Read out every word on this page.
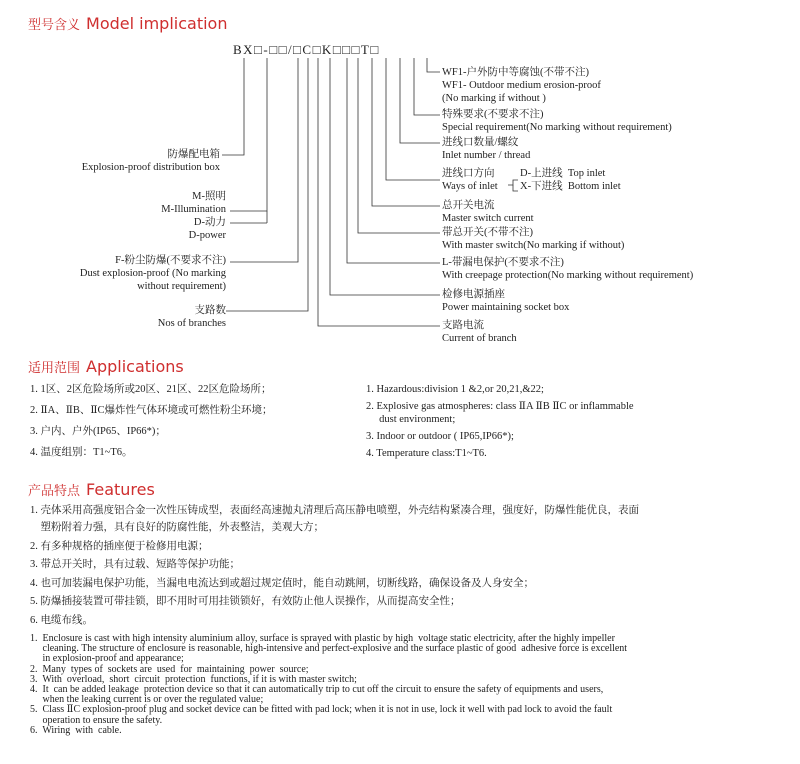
型号含义 Model implication
BX□-□□/□C□K□□□T□
防爆配电箱
Explosion-proof distribution box
M-照明
M-Illumination
D-动力
D-power
F-粉尘防爆(不要求不注)
Dust explosion-proof (No marking
without requirement)
支路数
Nos of branches
WF1-户外防中等腐蚀(不带不注)
WF1- Outdoor medium erosion-proof
(No marking if without )
特殊要求(不要求不注)
Special requirement(No marking without requirement)
进线口数量/螺纹
Inlet number / thread
进线口方向
Ways of inlet
D-上进线 Top inlet
X-下进线 Bottom inlet
总开关电流
Master switch current
带总开关(不带不注)
With master switch(No marking if without)
L-带漏电保护(不要求不注)
With creepage protection(No marking without requirement)
检修电源插座
Power maintaining socket box
支路电流
Current of branch
适用范围 Applications
1. 1区、2区危险场所或20区、21区、22区危险场所；
2. ⅡA、ⅡB、ⅡC爆炸性气体环境或可燃性粉尘环境；
3. 户内、户外(IP65、IP66*)；
4. 温度组别：T1~T6。
1. Hazardous:division 1 &2,or 20,21,&22;
2. Explosive gas atmospheres: class ⅡA ⅡB ⅡC or inflammable
dust environment;
3. Indoor or outdoor ( IP65,IP66*);
4. Temperature class:T1~T6.
产品特点 Features
1. 壳体采用高强度铝合金一次性压铸成型，表面经高速抛丸清理后高压静电喷塑，外壳结构紧凑合理，强度好，防爆性能优良，表面
塑粉附着力强，具有良好的防腐性能，外表整洁，美观大方；
2. 有多种规格的插座便于检修用电源；
3. 带总开关时，具有过载、短路等保护功能；
4. 也可加装漏电保护功能，当漏电电流达到或超过规定值时，能自动跳闸，切断线路，确保设备及人身安全；
5. 防爆插接装置可带挂锁，即不用时可用挂锁锁好，有效防止他人误操作，从而提高安全性；
6. 电缆布线。
1.  Enclosure is cast with high intensity aluminium alloy, surface is sprayed with plastic by high  voltage static electricity, after the highly impeller
cleaning. The structure of enclosure is reasonable, high-intensive and perfect-explosive and the surface plastic of good  adhesive force is excellent
in explosion-proof and appearance;
2.  Many  types of  sockets are  used  for  maintaining  power  source;
3.  With  overload,  short  circuit  protection  functions, if it is with master switch;
4.  It  can be added leakage  protection device so that it can automatically trip to cut off the circuit to ensure the safety of equipments and users,
when the leaking current is or over the regulated value;
5.  Class ⅡC explosion-proof plug and socket device can be fitted with pad lock; when it is not in use, lock it well with pad lock to avoid the fault
operation to ensure the safety.
6.  Wiring  with  cable.
